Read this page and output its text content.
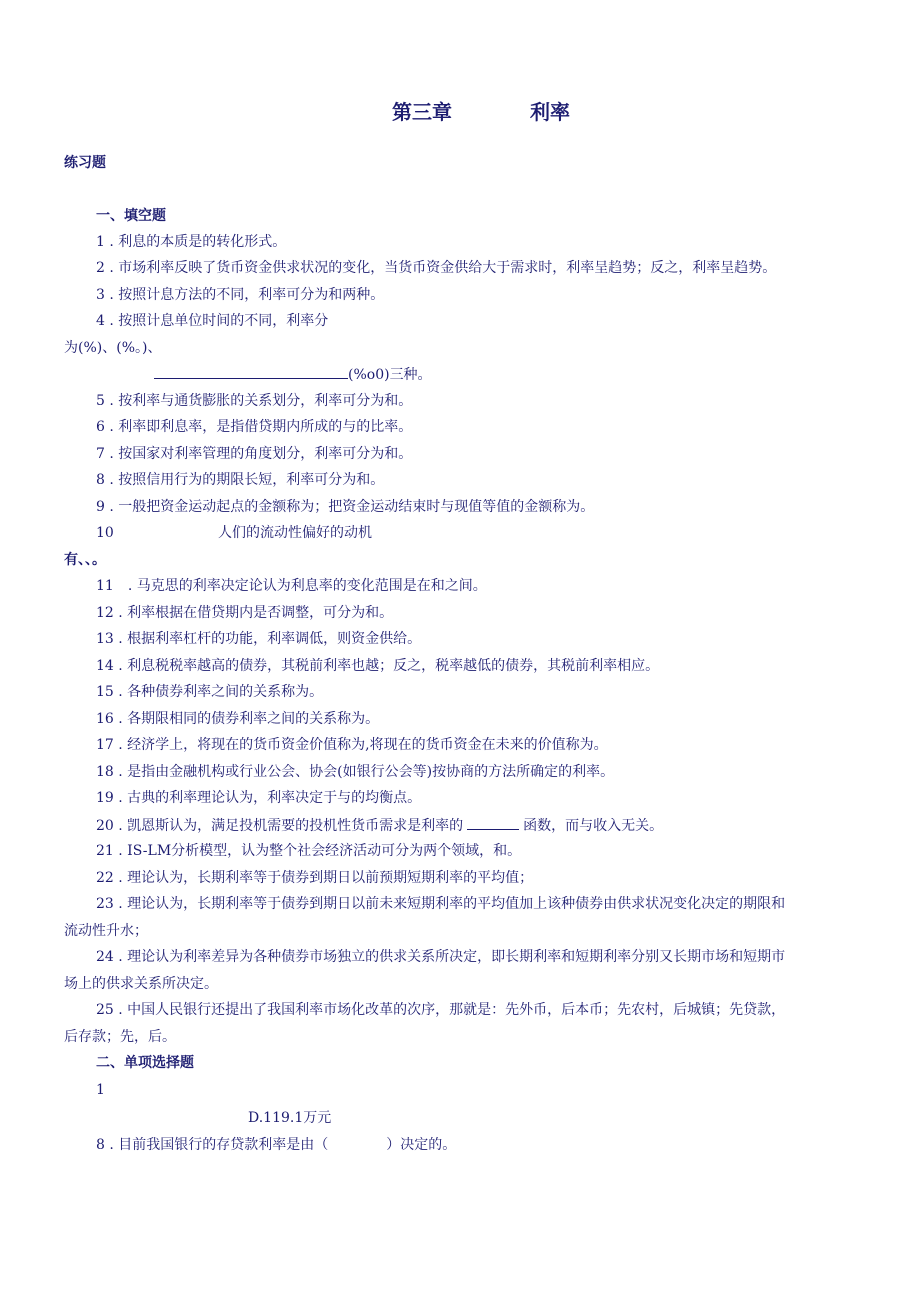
第三章	利率
练习题
一、填空题
1 . 利息的本质是的转化形式。
2 . 市场利率反映了货币资金供求状况的变化，当货币资金供给大于需求时，利率呈趋势；反之，利率呈趋势。
3 . 按照计息方法的不同，利率可分为和两种。
4 . 按照计息单位时间的不同，利率分
为(%)、(%。)、
(%o0)三种。
5 . 按利率与通货膨胀的关系划分，利率可分为和。
6 . 利率即利息率，是指借贷期内所成的与的比率。
7 . 按国家对利率管理的角度划分，利率可分为和。
8 . 按照信用行为的期限长短，利率可分为和。
9 . 一般把资金运动起点的金额称为；把资金运动结束时与现值等值的金额称为。
10	人们的流动性偏好的动机
有、、。
11　. 马克思的利率决定论认为利息率的变化范围是在和之间。
12 . 利率根据在借贷期内是否调整，可分为和。
13 . 根据利率杠杆的功能，利率调低，则资金供给。
14 . 利息税税率越高的债券，其税前利率也越；反之，税率越低的债券，其税前利率相应。
15 . 各种债券利率之间的关系称为。
16 . 各期限相同的债券利率之间的关系称为。
17 . 经济学上，将现在的货币资金价值称为,将现在的货币资金在未来的价值称为。
18 . 是指由金融机构或行业公会、协会(如银行公会等)按协商的方法所确定的利率。
19 . 古典的利率理论认为，利率决定于与的均衡点。
20 . 凯恩斯认为，满足投机需要的投机性货币需求是利率的	函数，而与收入无关。
21 . IS-LM分析模型，认为整个社会经济活动可分为两个领域，和。
22 . 理论认为，长期利率等于债券到期日以前预期短期利率的平均值；
23 . 理论认为，长期利率等于债券到期日以前未来短期利率的平均值加上该种债券由供求状况变化决定的期限和
流动性升水；
24 . 理论认为利率差异为各种债券市场独立的供求关系所决定，即长期利率和短期利率分别又长期市场和短期市
场上的供求关系所决定。
25 . 中国人民银行还提出了我国利率市场化改革的次序，那就是：先外币，后本币；先农村，后城镇；先贷款，
后存款；先，后。
二、单项选择题
1
D.119.1万元
8 . 目前我国银行的存贷款利率是由（	）决定的。
